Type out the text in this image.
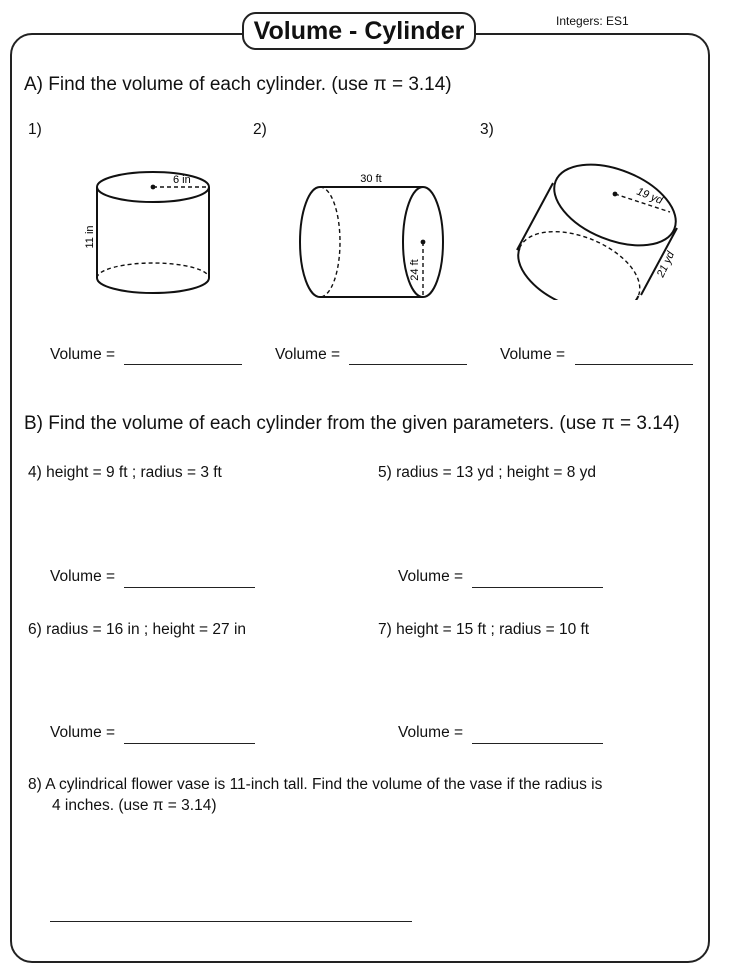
Volume - Cylinder	Integers: ES1
A) Find the volume of each cylinder. (use π = 3.14)
1)	2)	3)
6 in
11 in
30 ft
24 ft
19 yd
21 yd
Volume =	Volume =	Volume =
B) Find the volume of each cylinder from the given parameters. (use π = 3.14)
4) height = 9 ft ; radius = 3 ft	5) radius = 13 yd ; height = 8 yd
Volume =	Volume =
6) radius = 16 in ; height = 27 in	7) height = 15 ft ; radius = 10 ft
Volume =	Volume =
8) A cylindrical flower vase is 11-inch tall. Find the volume of the vase if the radius is
4 inches. (use π = 3.14)
